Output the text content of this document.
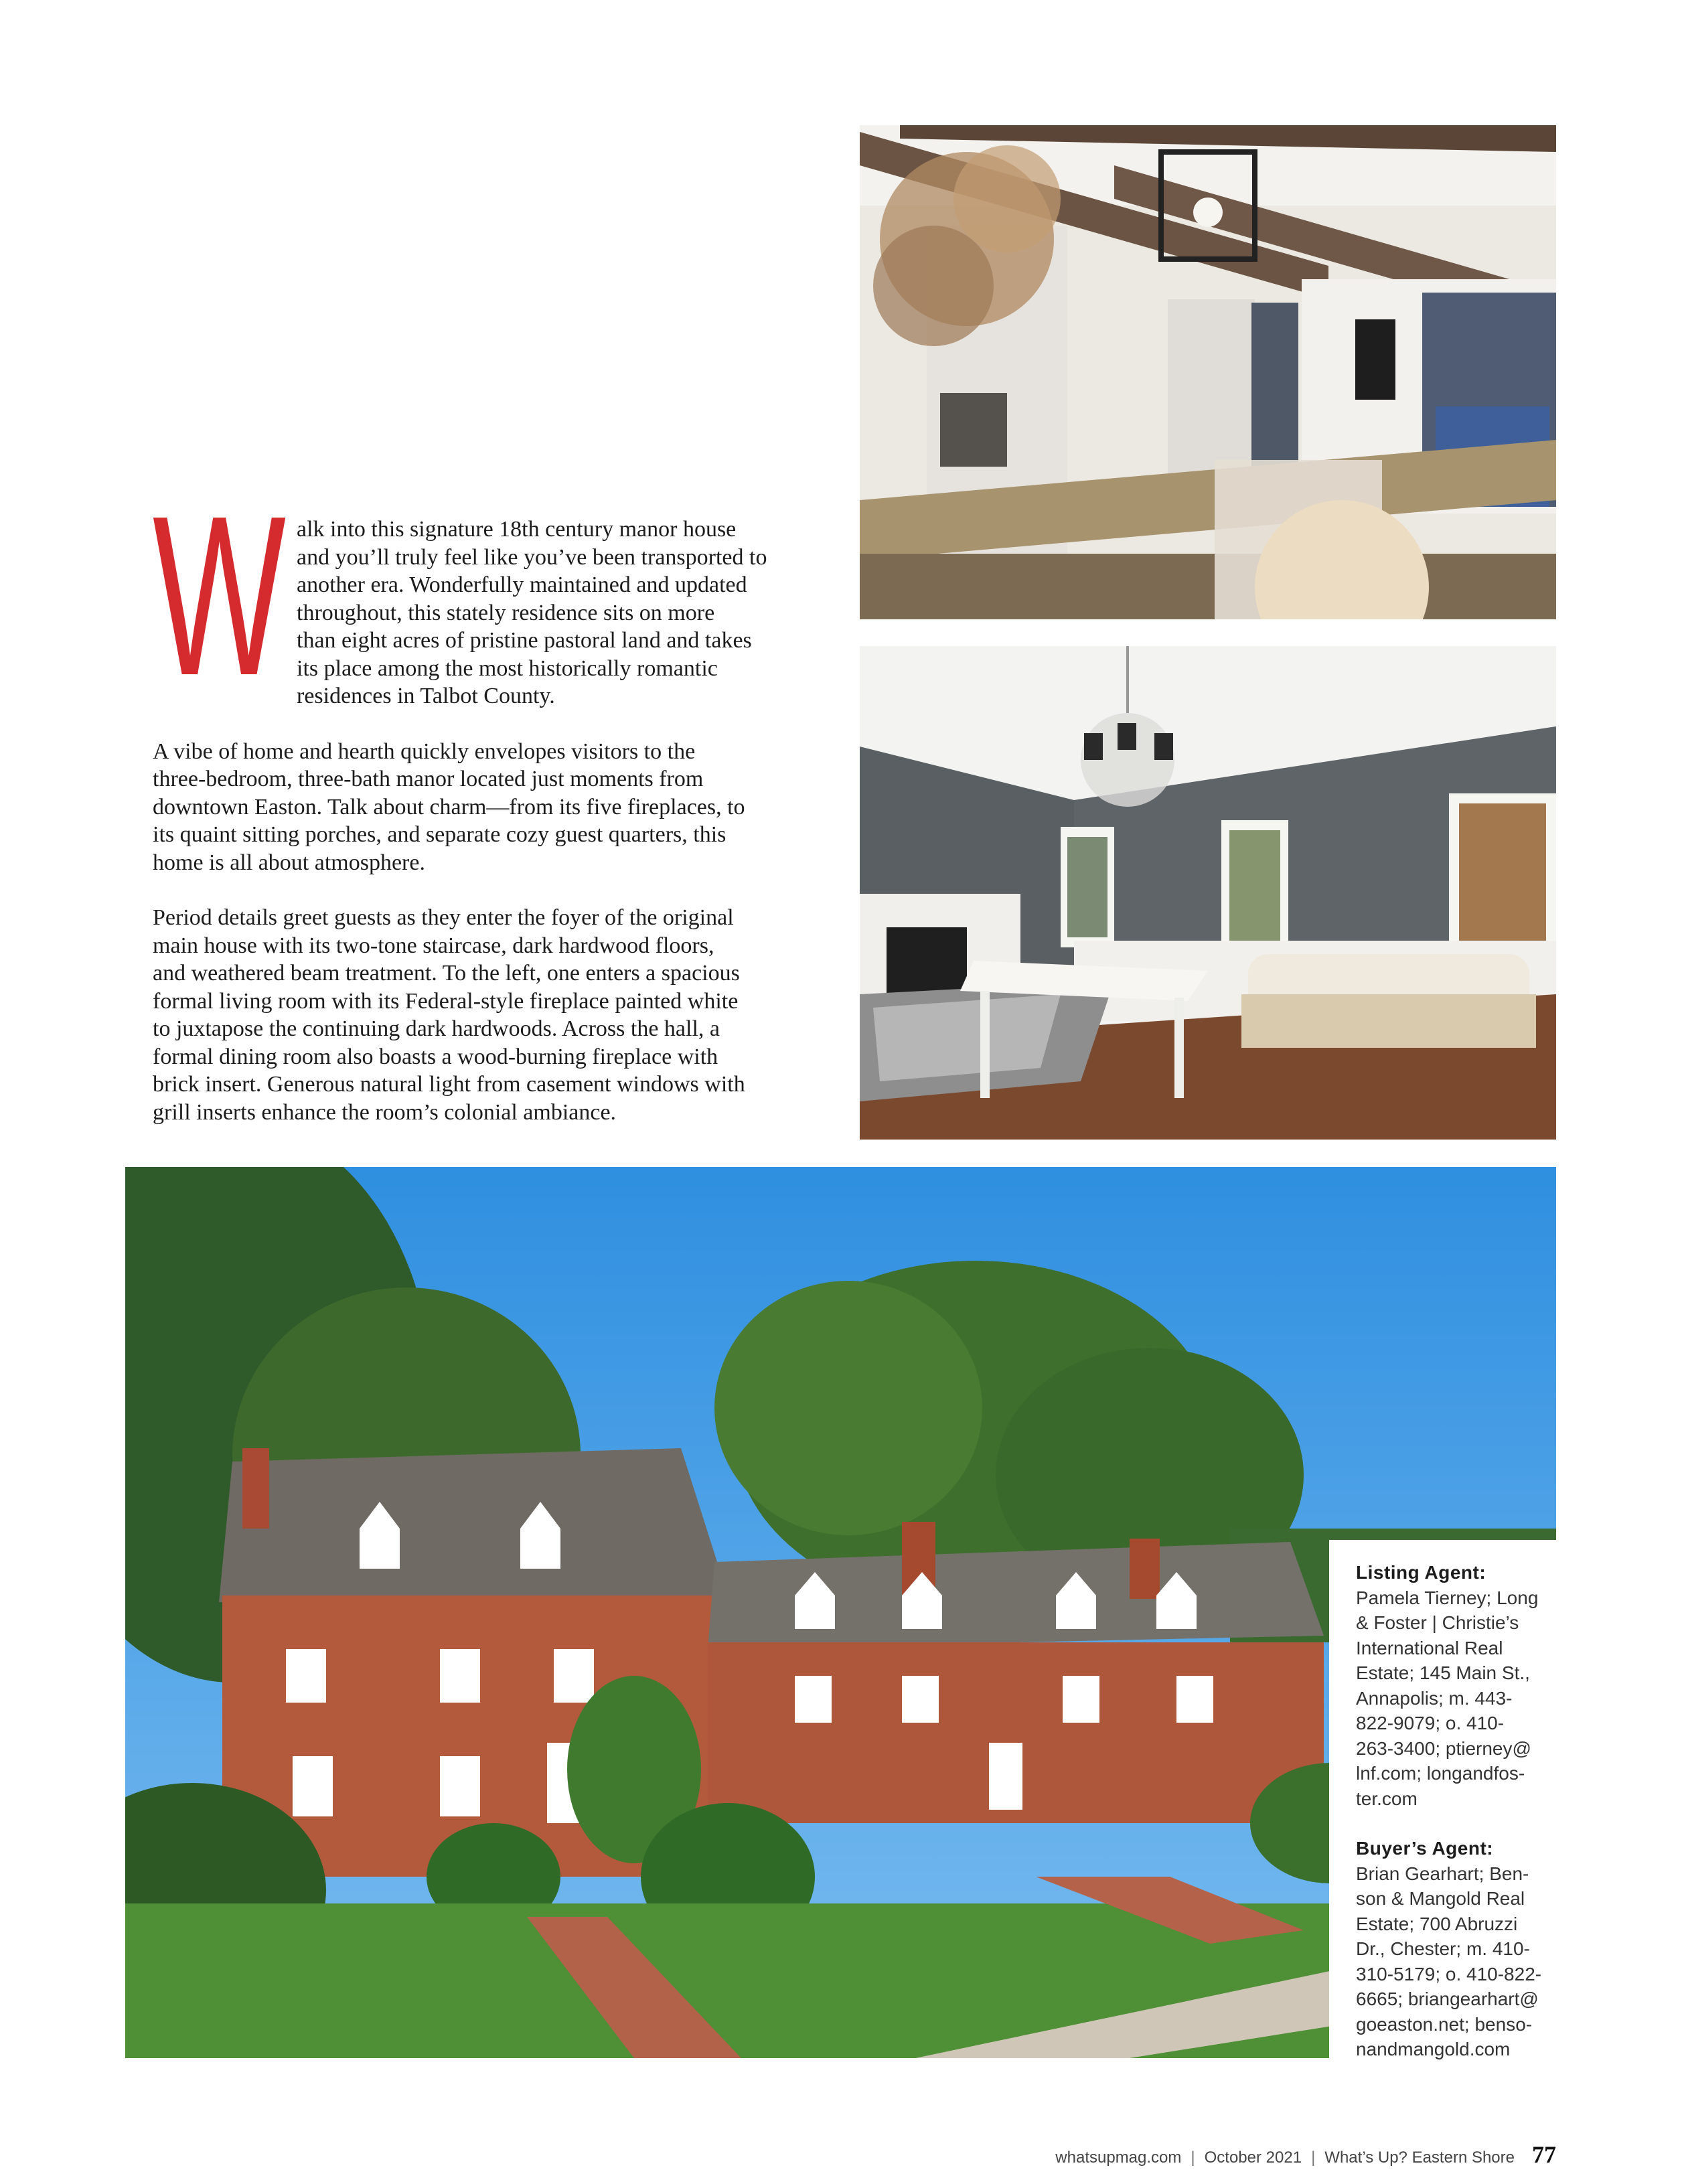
W alk into this signature 18th century manor house
and you’ll truly feel like you’ve been transported to
another era. Wonderfully maintained and updated
throughout, this stately residence sits on more
than eight acres of pristine pastoral land and takes
its place among the most historically romantic
residences in Talbot County.
A vibe of home and hearth quickly envelopes visitors to the
three-bedroom, three-bath manor located just moments from
downtown Easton. Talk about charm—from its five fireplaces, to
its quaint sitting porches, and separate cozy guest quarters, this
home is all about atmosphere.
Period details greet guests as they enter the foyer of the original
main house with its two-tone staircase, dark hardwood floors,
and weathered beam treatment. To the left, one enters a spacious
formal living room with its Federal-style fireplace painted white
to juxtapose the continuing dark hardwoods. Across the hall, a
formal dining room also boasts a wood-burning fireplace with
brick insert. Generous natural light from casement windows with
grill inserts enhance the room’s colonial ambiance.
Listing Agent:
Pamela Tierney; Long
& Foster | Christie’s
International Real
Estate; 145 Main St.,
Annapolis; m. 443-
822-9079; o. 410-
263-3400; ptierney@
lnf.com; longandfos-
ter.com
Buyer’s Agent:
Brian Gearhart; Ben-
son & Mangold Real
Estate; 700 Abruzzi
Dr., Chester; m. 410-
310-5179; o. 410-822-
6665; briangearhart@
goeaston.net; benso-
nandmangold.com
whatsupmag.com | October 2021 | What’s Up? Eastern Shore 77
